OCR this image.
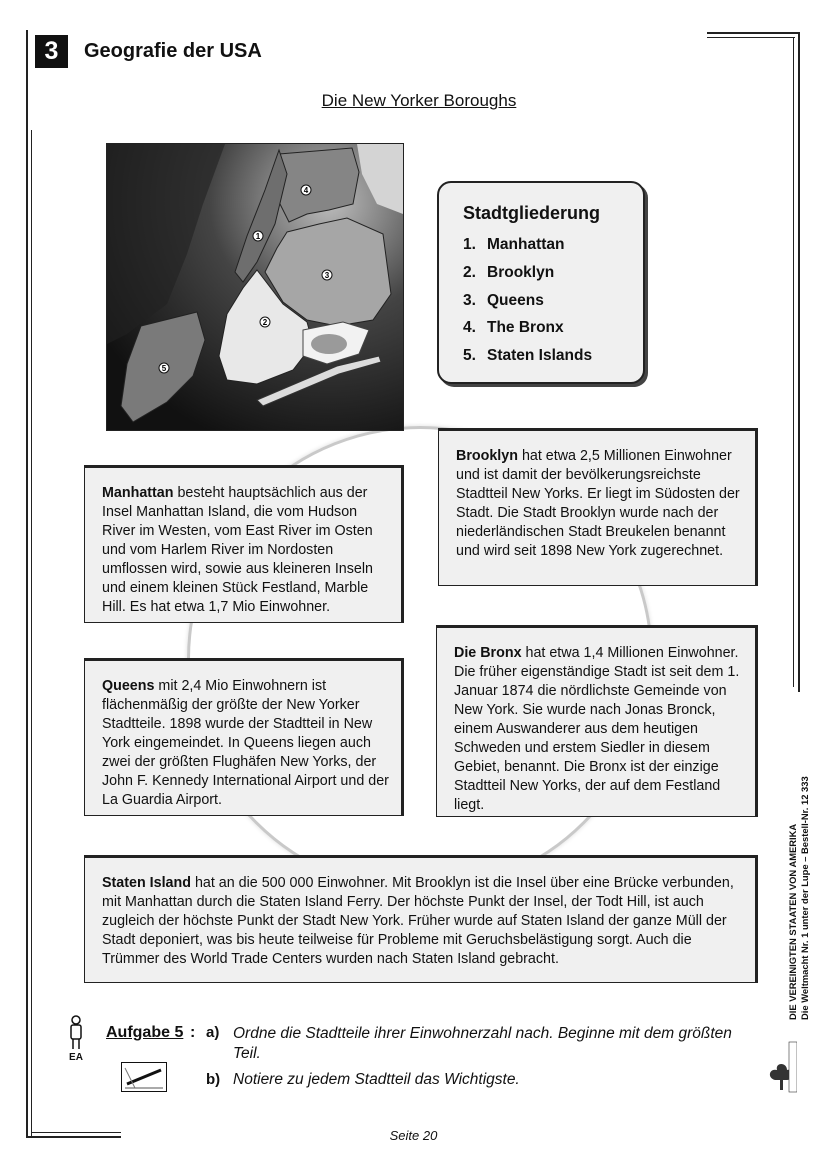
3	Geografie der USA
Die New Yorker Boroughs
1
2
3
4
5
Stadtgliederung
1. Manhattan
2. Brooklyn
3. Queens
4. The Bronx
5. Staten Islands
Manhattan besteht hauptsächlich aus der Insel Manhattan Island, die vom Hudson River im Westen, vom East River im Osten und vom Harlem River im Nordosten umflossen wird, sowie aus kleineren Inseln und einem kleinen Stück Festland, Marble Hill. Es hat etwa 1,7 Mio Einwohner.
Brooklyn hat etwa 2,5 Millionen Einwohner und ist damit der bevölkerungsreichste Stadtteil New Yorks. Er liegt im Südosten der Stadt. Die Stadt Brooklyn wurde nach der niederländischen Stadt Breukelen benannt und wird seit 1898 New York zugerechnet.
Queens mit 2,4 Mio Einwohnern ist flächenmäßig der größte der New Yorker Stadtteile. 1898 wurde der Stadtteil in New York eingemeindet. In Queens liegen auch zwei der größten Flughäfen New Yorks, der John F. Kennedy International Airport und der La Guardia Airport.
Die Bronx hat etwa 1,4 Millionen Einwohner. Die früher eigenständige Stadt ist seit dem 1. Januar 1874 die nördlichste Gemeinde von New York. Sie wurde nach Jonas Bronck, einem Auswanderer aus dem heutigen Schweden und erstem Siedler in diesem Gebiet, benannt. Die Bronx ist der einzige Stadtteil New Yorks, der auf dem Festland liegt.
Staten Island hat an die 500 000 Einwohner. Mit Brooklyn ist die Insel über eine Brücke verbunden, mit Manhattan durch die Staten Island Ferry. Der höchste Punkt der Insel, der Todt Hill, ist auch zugleich der höchste Punkt der Stadt New York. Früher wurde auf Staten Island der ganze Müll der Stadt deponiert, was bis heute teilweise für Probleme mit Geruchsbelästigung sorgt. Auch die Trümmer des World Trade Centers wurden nach Staten Island gebracht.
EA
Aufgabe 5 : a) Ordne die Stadtteile ihrer Einwohnerzahl nach. Beginne mit dem größten Teil.
b) Notiere zu jedem Stadtteil das Wichtigste.
Seite 20
DIE VEREINIGTEN STAATEN VON AMERIKA Die Weltmacht Nr. 1 unter der Lupe – Bestell-Nr. 12 333
